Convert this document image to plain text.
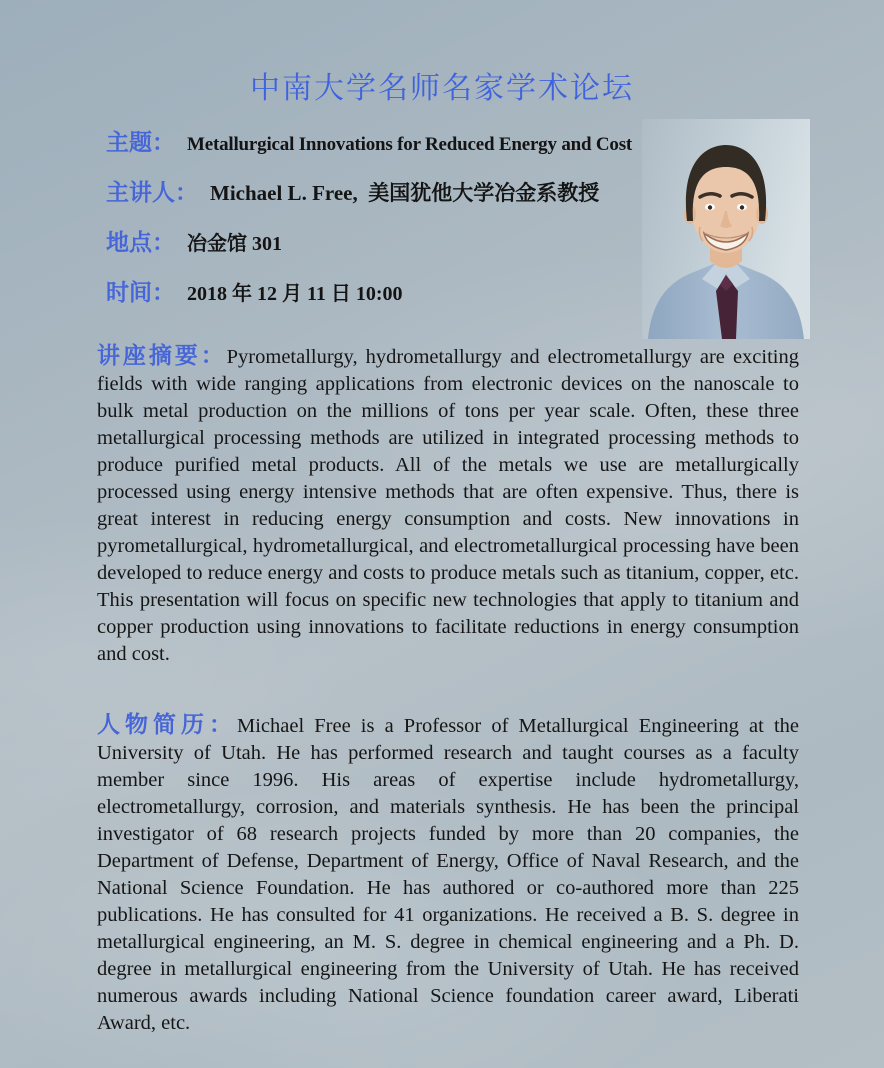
中南大学名师名家学术论坛
主题： Metallurgical Innovations for Reduced Energy and Cost
主讲人： Michael L. Free,  美国犹他大学冶金系教授
地点： 冶金馆 301
时间： 2018 年 12 月 11 日 10:00

讲座摘要：Pyrometallurgy, hydrometallurgy and electrometallurgy are exciting fields with wide ranging applications from electronic devices on the nanoscale to bulk metal production on the millions of tons per year scale. Often, these three metallurgical processing methods are utilized in integrated processing methods to produce purified metal products. All of the metals we use are metallurgically processed using energy intensive methods that are often expensive. Thus, there is great interest in reducing energy consumption and costs. New innovations in pyrometallurgical, hydrometallurgical, and electrometallurgical processing have been developed to reduce energy and costs to produce metals such as titanium, copper, etc. This presentation will focus on specific new technologies that apply to titanium and copper production using innovations to facilitate reductions in energy consumption and cost.

人物简历：Michael Free is a Professor of Metallurgical Engineering at the University of Utah. He has performed research and taught courses as a faculty member since 1996. His areas of expertise include hydrometallurgy, electrometallurgy, corrosion, and materials synthesis. He has been the principal investigator of 68 research projects funded by more than 20 companies, the Department of Defense, Department of Energy, Office of Naval Research, and the National Science Foundation. He has authored or co-authored more than 225 publications. He has consulted for 41 organizations. He received a B. S. degree in metallurgical engineering, an M. S. degree in chemical engineering and a Ph. D. degree in metallurgical engineering from the University of Utah. He has received numerous awards including National Science foundation career award, Liberati Award, etc.
